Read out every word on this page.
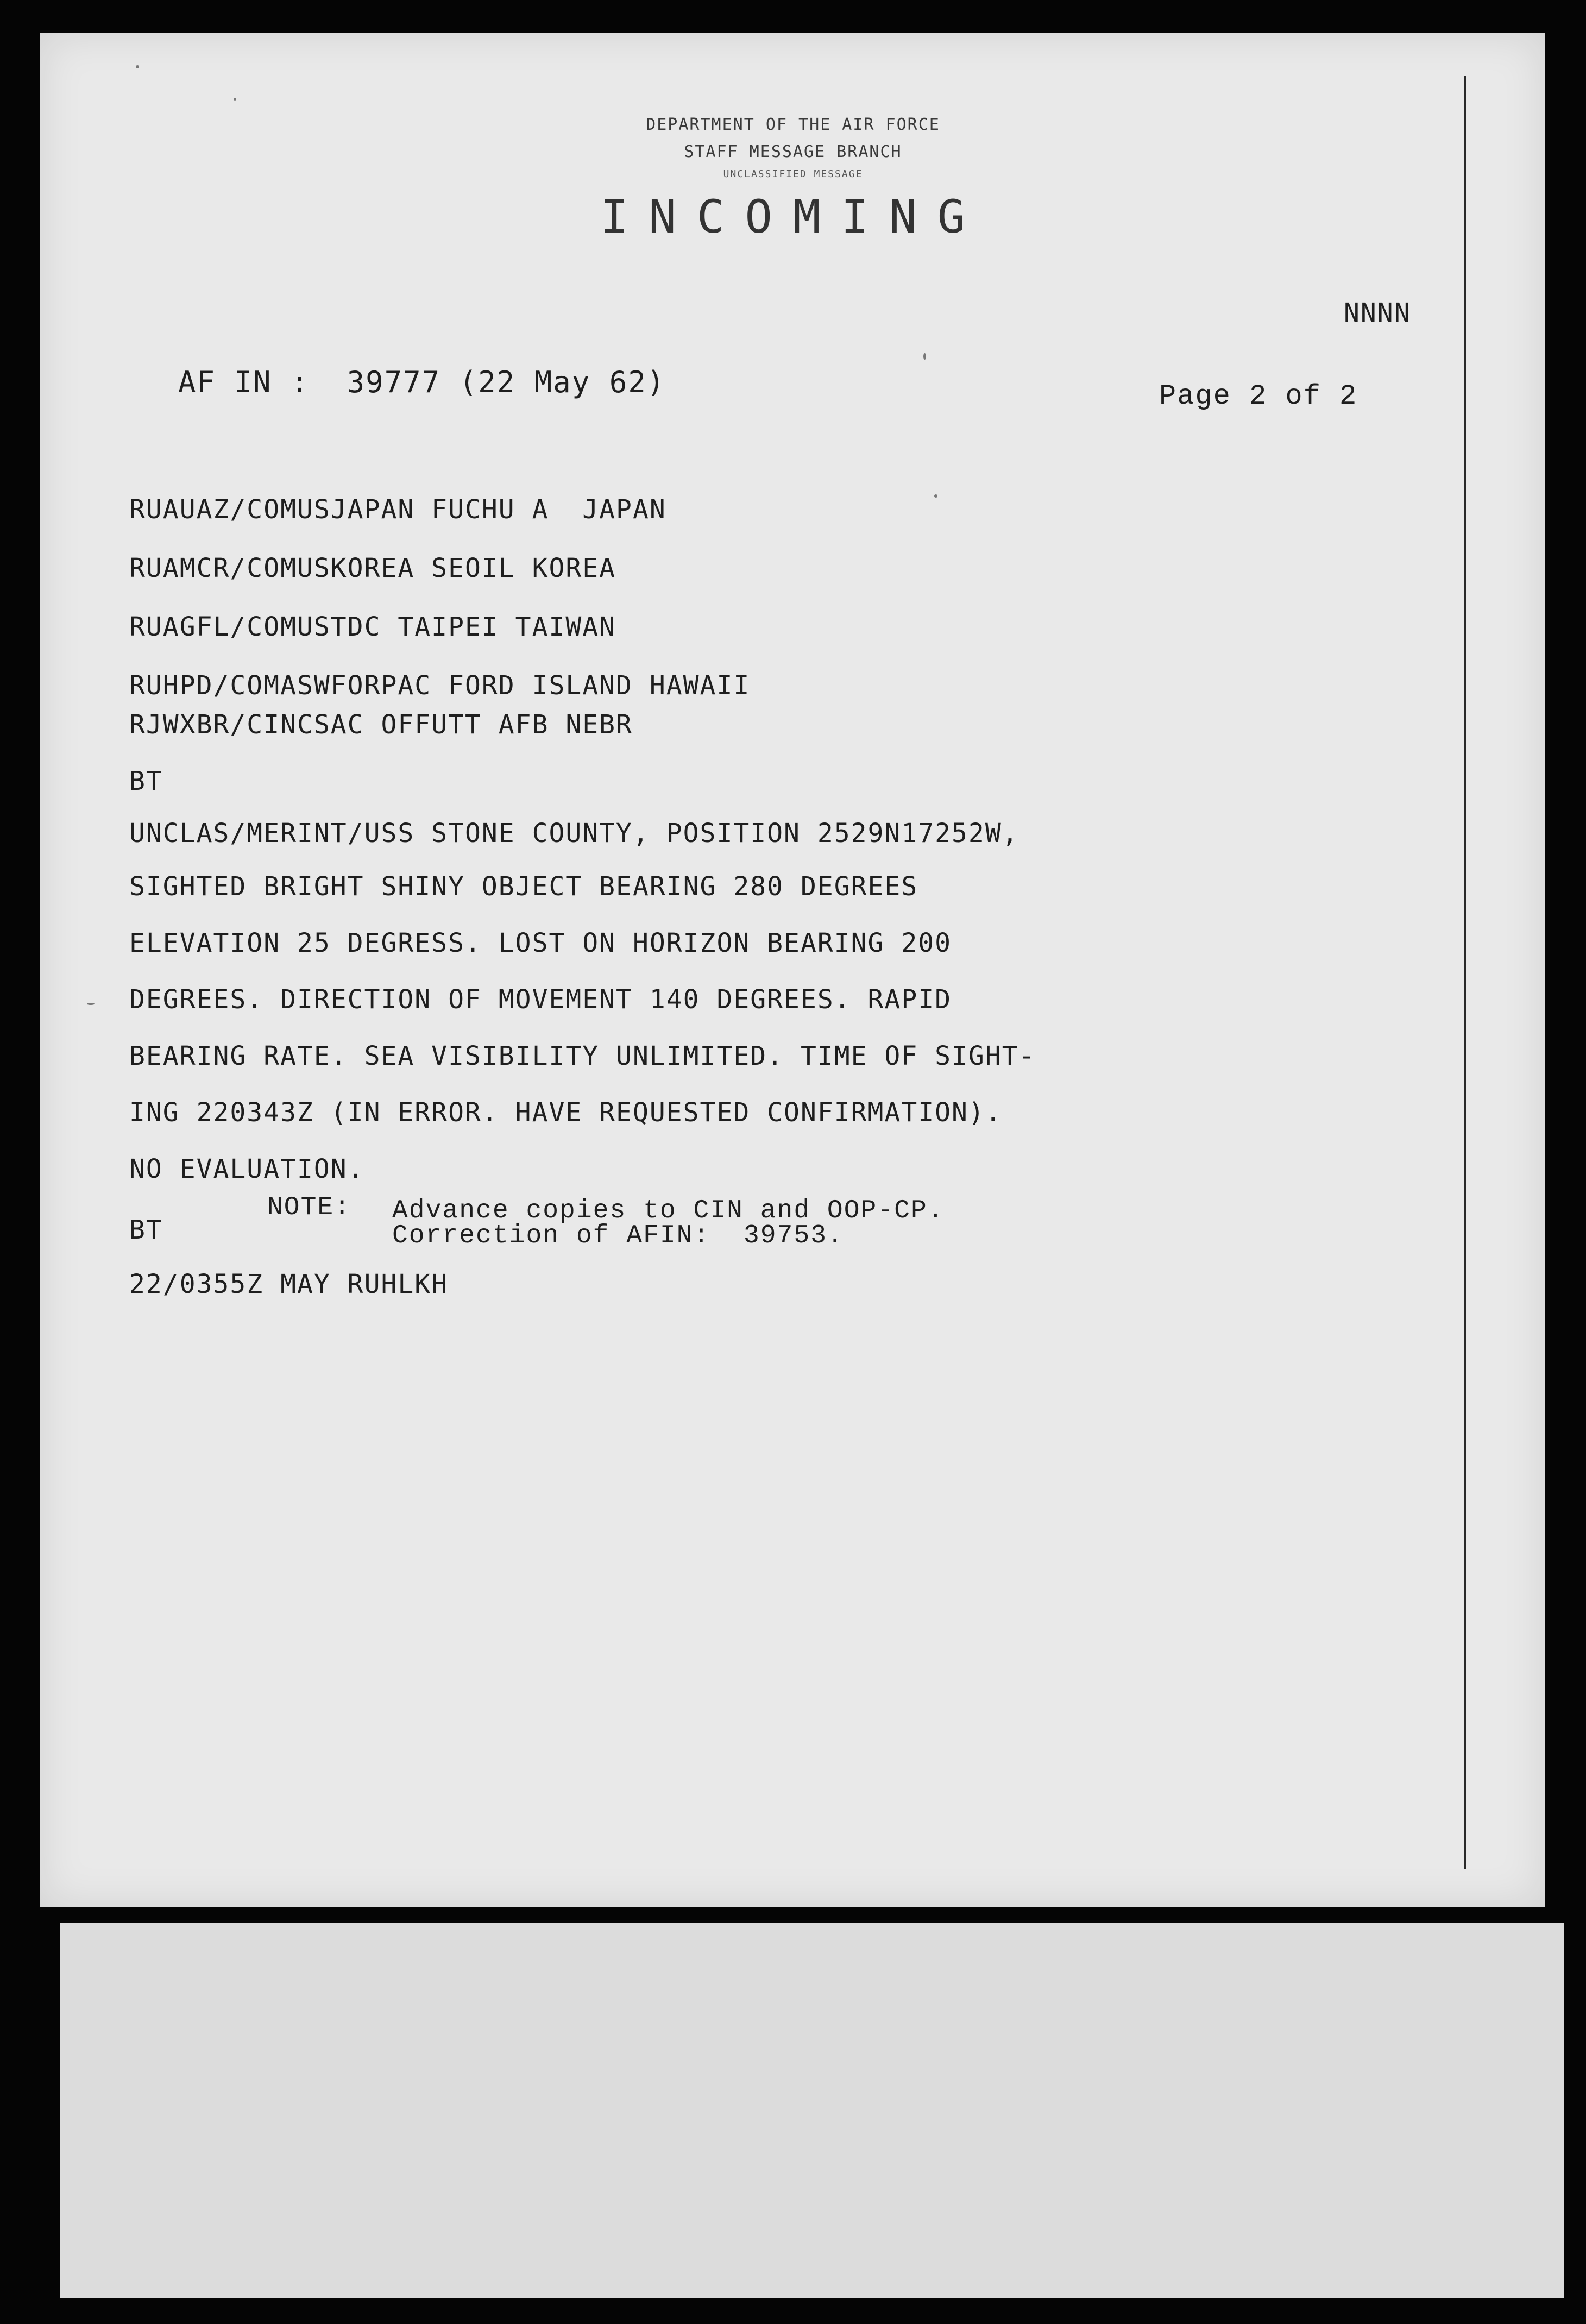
DEPARTMENT OF THE AIR FORCE
STAFF MESSAGE BRANCH
UNCLASSIFIED MESSAGE
INCOMING
NNNN
AF IN :  39777 (22 May 62)	Page 2 of 2
RUAUAZ/COMUSJAPAN FUCHU A  JAPAN
RUAMCR/COMUSKOREA SEOIL KOREA
RUAGFL/COMUSTDC TAIPEI TAIWAN
RUHPD/COMASWFORPAC FORD ISLAND HAWAII
RJWXBR/CINCSAC OFFUTT AFB NEBR
BT
UNCLAS/MERINT/USS STONE COUNTY, POSITION 2529N17252W,
SIGHTED BRIGHT SHINY OBJECT BEARING 280 DEGREES
ELEVATION 25 DEGRESS. LOST ON HORIZON BEARING 200
DEGREES. DIRECTION OF MOVEMENT 140 DEGREES. RAPID
BEARING RATE. SEA VISIBILITY UNLIMITED. TIME OF SIGHT-
ING 220343Z (IN ERROR. HAVE REQUESTED CONFIRMATION).
NO EVALUATION.
NOTE: Advance copies to CIN and OOP-CP.
Correction of AFIN:  39753.
BT
22/0355Z MAY RUHLKH
